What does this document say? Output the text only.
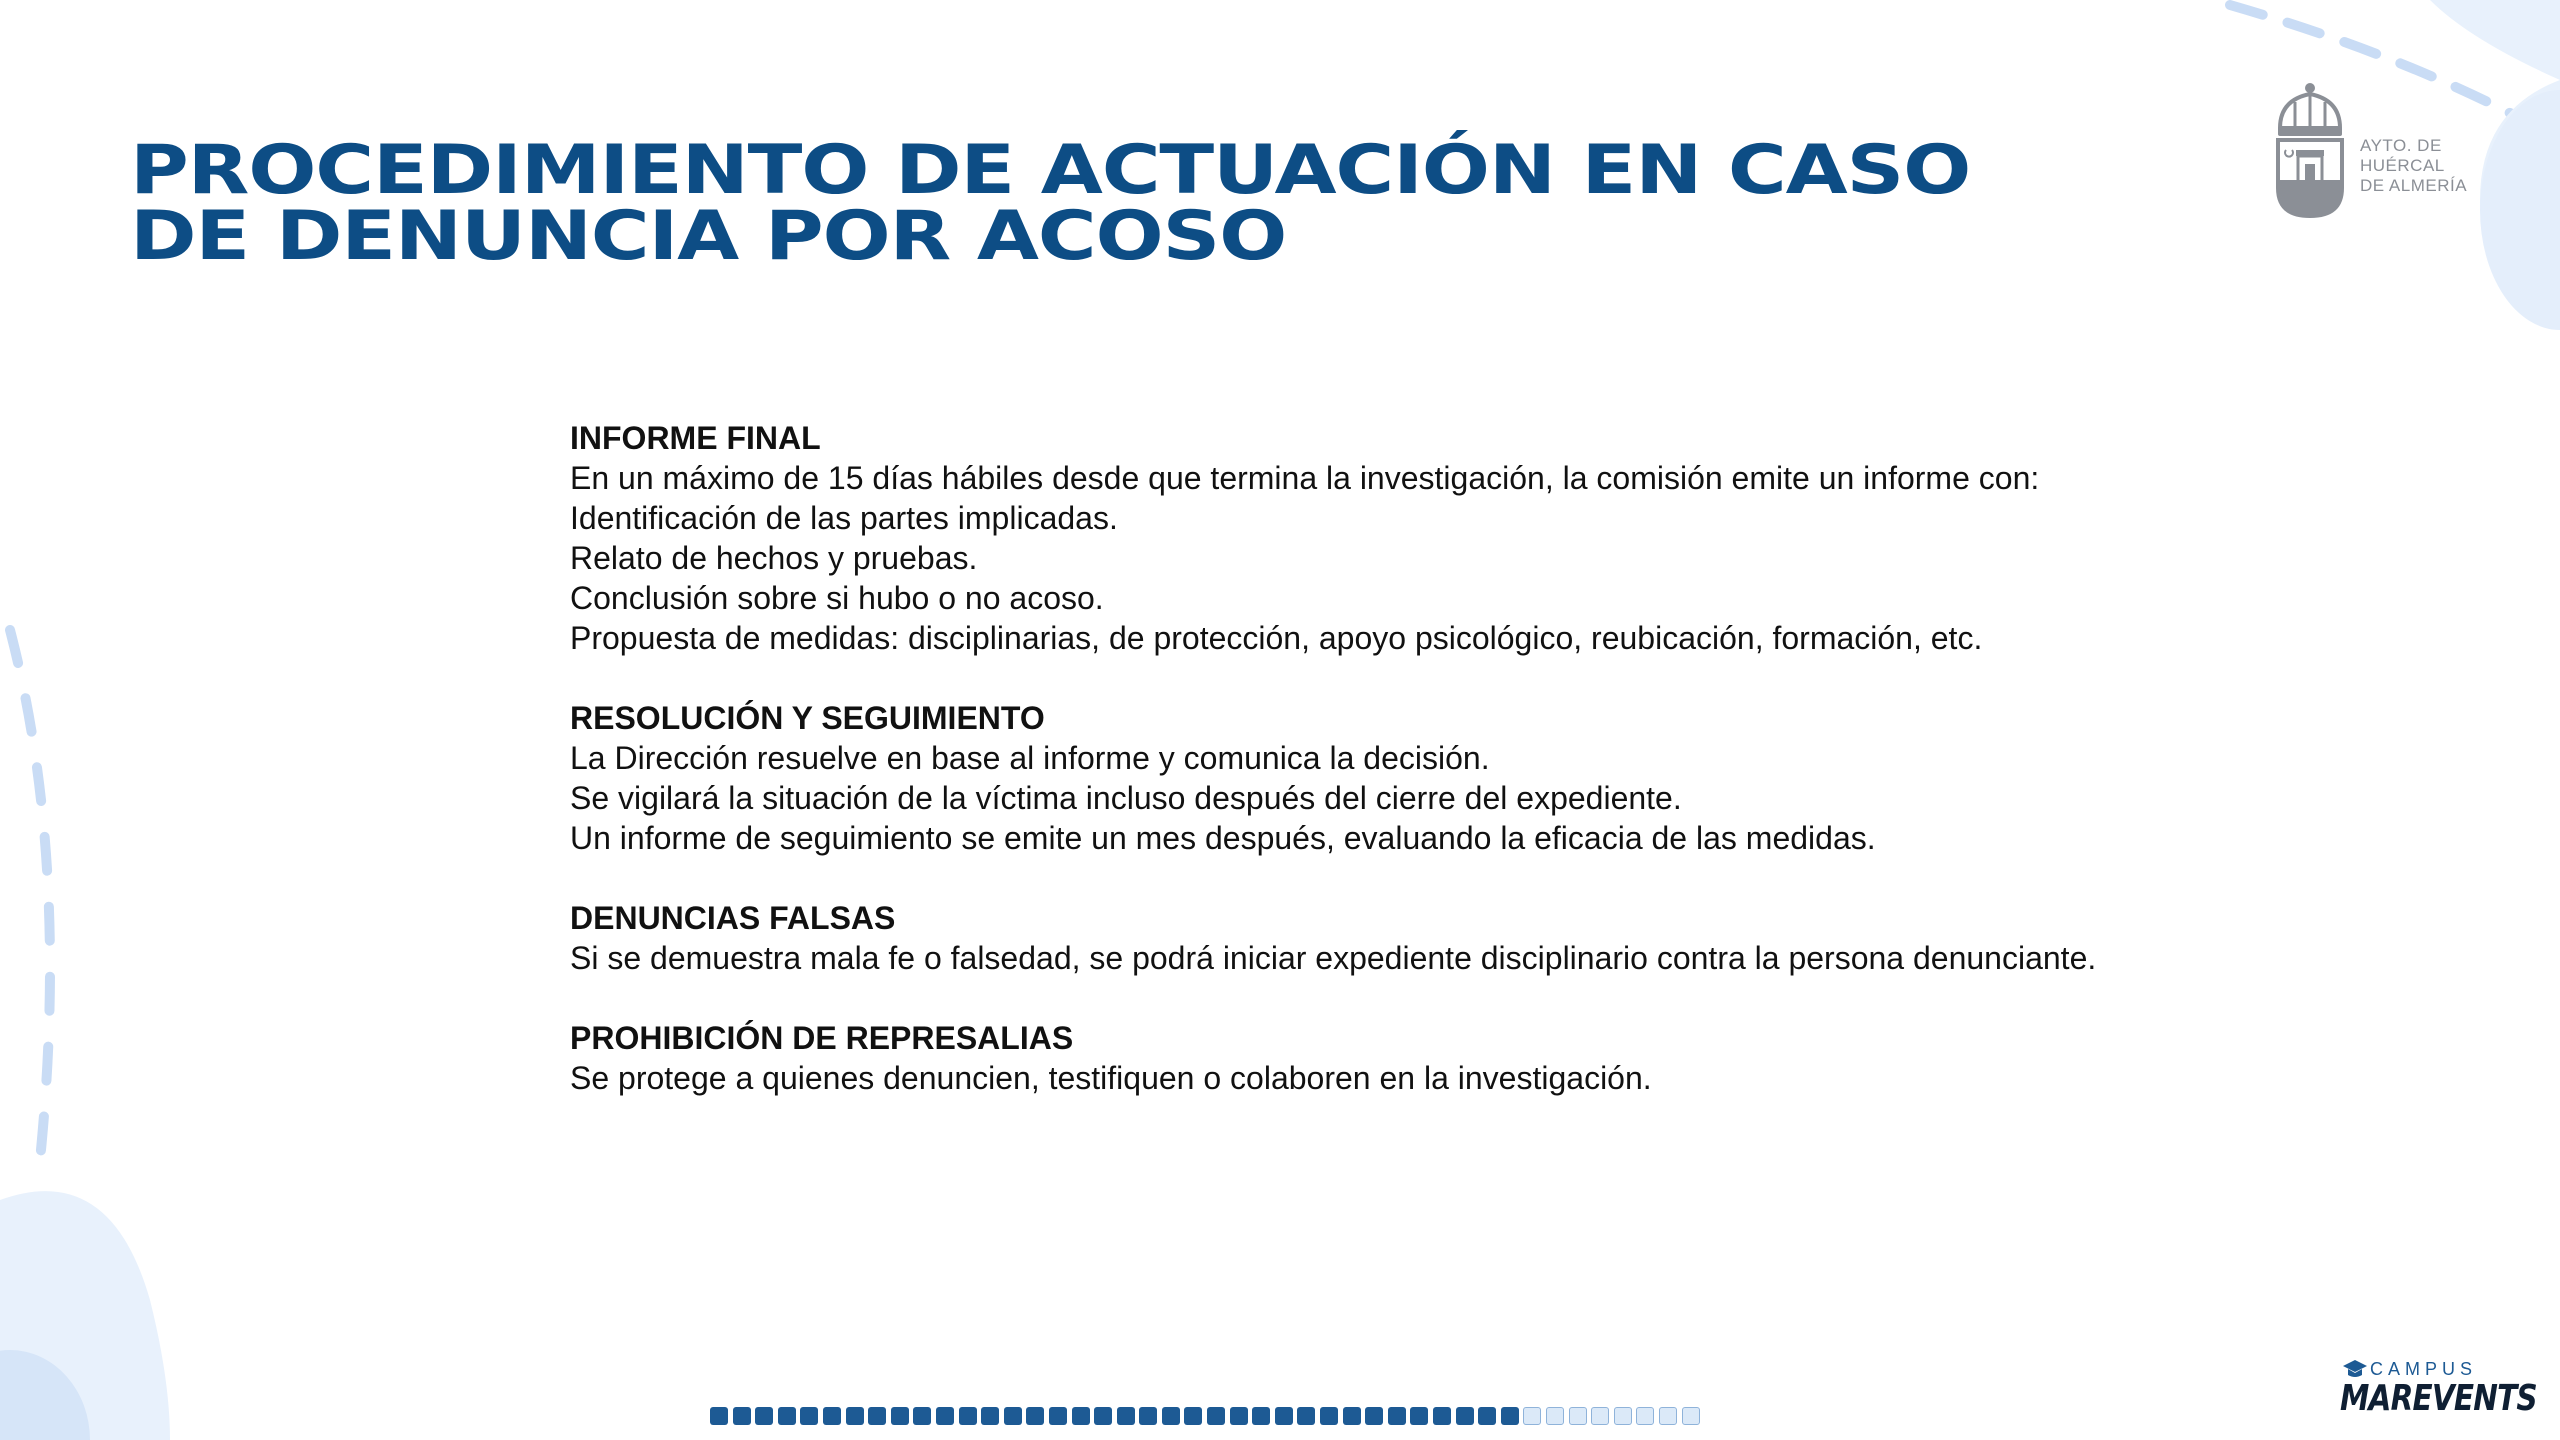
PROCEDIMIENTO DE ACTUACIÓN EN CASO
DE DENUNCIA POR ACOSO
AYTO. DE
HUÉRCAL
DE ALMERÍA

INFORME FINAL

En un máximo de 15 días hábiles desde que termina la investigación, la comisión emite un informe con:

Identificación de las partes implicadas.

Relato de hechos y pruebas.

Conclusión sobre si hubo o no acoso.

Propuesta de medidas: disciplinarias, de protección, apoyo psicológico, reubicación, formación, etc.

RESOLUCIÓN Y SEGUIMIENTO

La Dirección resuelve en base al informe y comunica la decisión.

Se vigilará la situación de la víctima incluso después del cierre del expediente.

Un informe de seguimiento se emite un mes después, evaluando la eficacia de las medidas.

DENUNCIAS FALSAS

Si se demuestra mala fe o falsedad, se podrá iniciar expediente disciplinario contra la persona denunciante.

PROHIBICIÓN DE REPRESALIAS

Se protege a quienes denuncien, testifiquen o colaboren en la investigación.

CAMPUS
MAREVENTS
